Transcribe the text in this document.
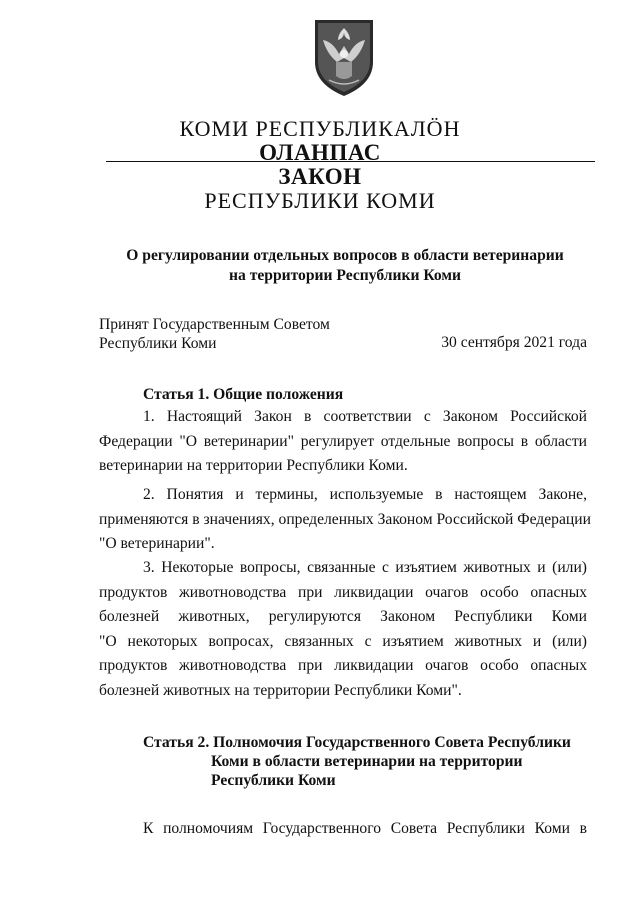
КОМИ РЕСПУБЛИКАЛÖН
ОЛАНПАС
ЗАКОН
РЕСПУБЛИКИ КОМИ
О регулировании отдельных вопросов в области ветеринарии
на территории Республики Коми
Принят Государственным Советом
Республики Коми	30 сентября 2021 года
Статья 1. Общие положения
1. Настоящий Закон в соответствии с Законом Российской
Федерации "О ветеринарии" регулирует отдельные вопросы в области
ветеринарии на территории Республики Коми.
2. Понятия и термины, используемые в настоящем Законе,
применяются в значениях, определенных Законом Российской Федерации
"О ветеринарии".
3. Некоторые вопросы, связанные с изъятием животных и (или)
продуктов животноводства при ликвидации очагов особо опасных
болезней животных, регулируются Законом Республики Коми
"О некоторых вопросах, связанных с изъятием животных и (или)
продуктов животноводства при ликвидации очагов особо опасных
болезней животных на территории Республики Коми".
Статья 2. Полномочия Государственного Совета Республики
Коми в области ветеринарии на территории
Республики Коми
К полномочиям Государственного Совета Республики Коми в
